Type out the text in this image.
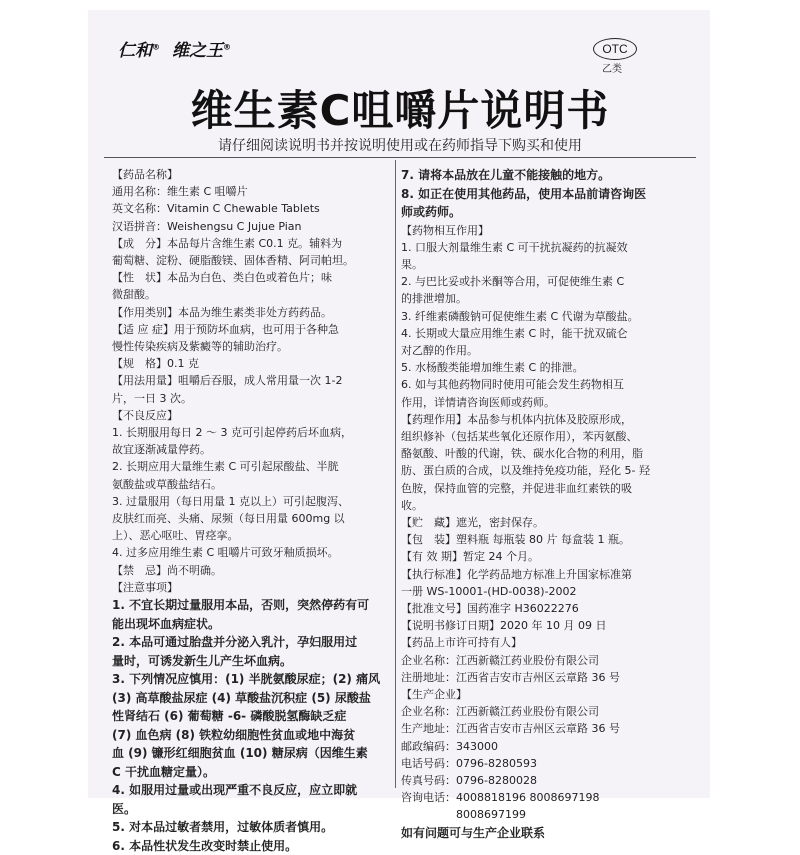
仁和® 维之王®	OTC
乙类
维生素C咀嚼片说明书
请仔细阅读说明书并按说明使用或在药师指导下购买和使用

【药品名称】

通用名称：维生素 C 咀嚼片

英文名称：Vitamin C Chewable Tablets

汉语拼音：Weishengsu C Jujue Pian

【成　分】本品每片含维生素 C0.1 克。辅料为

葡萄糖、淀粉、硬脂酸镁、固体香精、阿司帕坦。

【性　状】本品为白色、类白色或着色片；味

微甜酸。

【作用类别】本品为维生素类非处方药药品。

【适 应 症】用于预防坏血病，也可用于各种急

慢性传染疾病及紫癜等的辅助治疗。

【规　格】0.1 克

【用法用量】咀嚼后吞服，成人常用量一次 1-2

片，一日 3 次。

【不良反应】

1. 长期服用每日 2 ～ 3 克可引起停药后坏血病，

故宜逐渐减量停药。

2. 长期应用大量维生素 C 可引起尿酸盐、半胱

氨酸盐或草酸盐结石。

3. 过量服用（每日用量 1 克以上）可引起腹泻、

皮肤红而亮、头痛、尿频（每日用量 600mg 以

上）、恶心呕吐、胃痉挛。

4. 过多应用维生素 C 咀嚼片可致牙釉质损坏。

【禁　忌】尚不明确。

【注意事项】

1. 不宜长期过量服用本品，否则，突然停药有可

能出现坏血病症状。

2. 本品可通过胎盘并分泌入乳汁，孕妇服用过

量时，可诱发新生儿产生坏血病。

3. 下列情况应慎用：(1) 半胱氨酸尿症；(2) 痛风

(3) 高草酸盐尿症 (4) 草酸盐沉积症 (5) 尿酸盐

性肾结石 (6) 葡萄糖 -6- 磷酸脱氢酶缺乏症

(7) 血色病 (8) 铁粒幼细胞性贫血或地中海贫

血 (9) 镰形红细胞贫血 (10) 糖尿病（因维生素

C 干扰血糖定量）。

4. 如服用过量或出现严重不良反应，应立即就

医。

5. 对本品过敏者禁用，过敏体质者慎用。

6. 本品性状发生改变时禁止使用。

7. 请将本品放在儿童不能接触的地方。

8. 如正在使用其他药品，使用本品前请咨询医

师或药师。

【药物相互作用】

1. 口服大剂量维生素 C 可干扰抗凝药的抗凝效

果。

2. 与巴比妥或扑米酮等合用，可促使维生素 C

的排泄增加。

3. 纤维素磷酸钠可促使维生素 C 代谢为草酸盐。

4. 长期或大量应用维生素 C 时，能干扰双硫仑

对乙醇的作用。

5. 水杨酸类能增加维生素 C 的排泄。

6. 如与其他药物同时使用可能会发生药物相互

作用，详情请咨询医师或药师。

【药理作用】本品参与机体内抗体及胶原形成，

组织修补（包括某些氧化还原作用），苯丙氨酸、

酪氨酸、叶酸的代谢，铁、碳水化合物的利用，脂

肪、蛋白质的合成，以及维持免疫功能，羟化 5- 羟

色胺，保持血管的完整，并促进非血红素铁的吸

收。

【贮　藏】遮光，密封保存。

【包　装】塑料瓶 每瓶装 80 片 每盒装 1 瓶。

【有 效 期】暂定 24 个月。

【执行标准】化学药品地方标准上升国家标准第

一册 WS-10001-(HD-0038)-2002

【批准文号】国药准字 H36022276

【说明书修订日期】2020 年 10 月 09 日

【药品上市许可持有人】

企业名称：江西新赣江药业股份有限公司

注册地址：江西省吉安市吉州区云章路 36 号

【生产企业】

企业名称：江西新赣江药业股份有限公司

生产地址：江西省吉安市吉州区云章路 36 号

邮政编码：343000

电话号码：0796-8280593

传真号码：0796-8280028

咨询电话：4008818196 8008697198

　　　　　8008697199

如有问题可与生产企业联系
